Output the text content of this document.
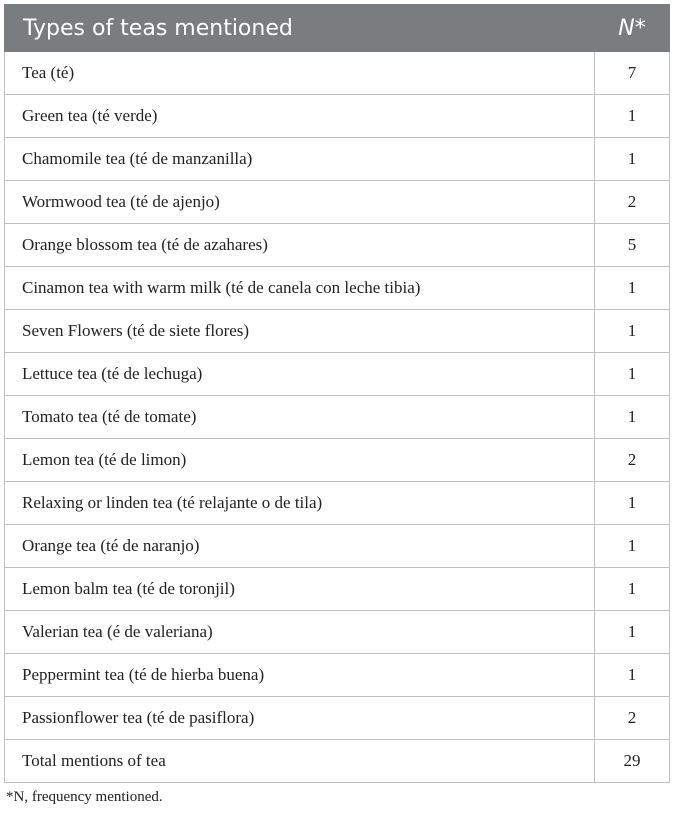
Types of teas mentioned	N*
Tea (té)	7
Green tea (té verde)	1
Chamomile tea (té de manzanilla)	1
Wormwood tea (té de ajenjo)	2
Orange blossom tea (té de azahares)	5
Cinamon tea with warm milk (té de canela con leche tibia)	1
Seven Flowers (té de siete flores)	1
Lettuce tea (té de lechuga)	1
Tomato tea (té de tomate)	1
Lemon tea (té de limon)	2
Relaxing or linden tea (té relajante o de tila)	1
Orange tea (té de naranjo)	1
Lemon balm tea (té de toronjil)	1
Valerian tea (é de valeriana)	1
Peppermint tea (té de hierba buena)	1
Passionflower tea (té de pasiflora)	2
Total mentions of tea	29
*N, frequency mentioned.
